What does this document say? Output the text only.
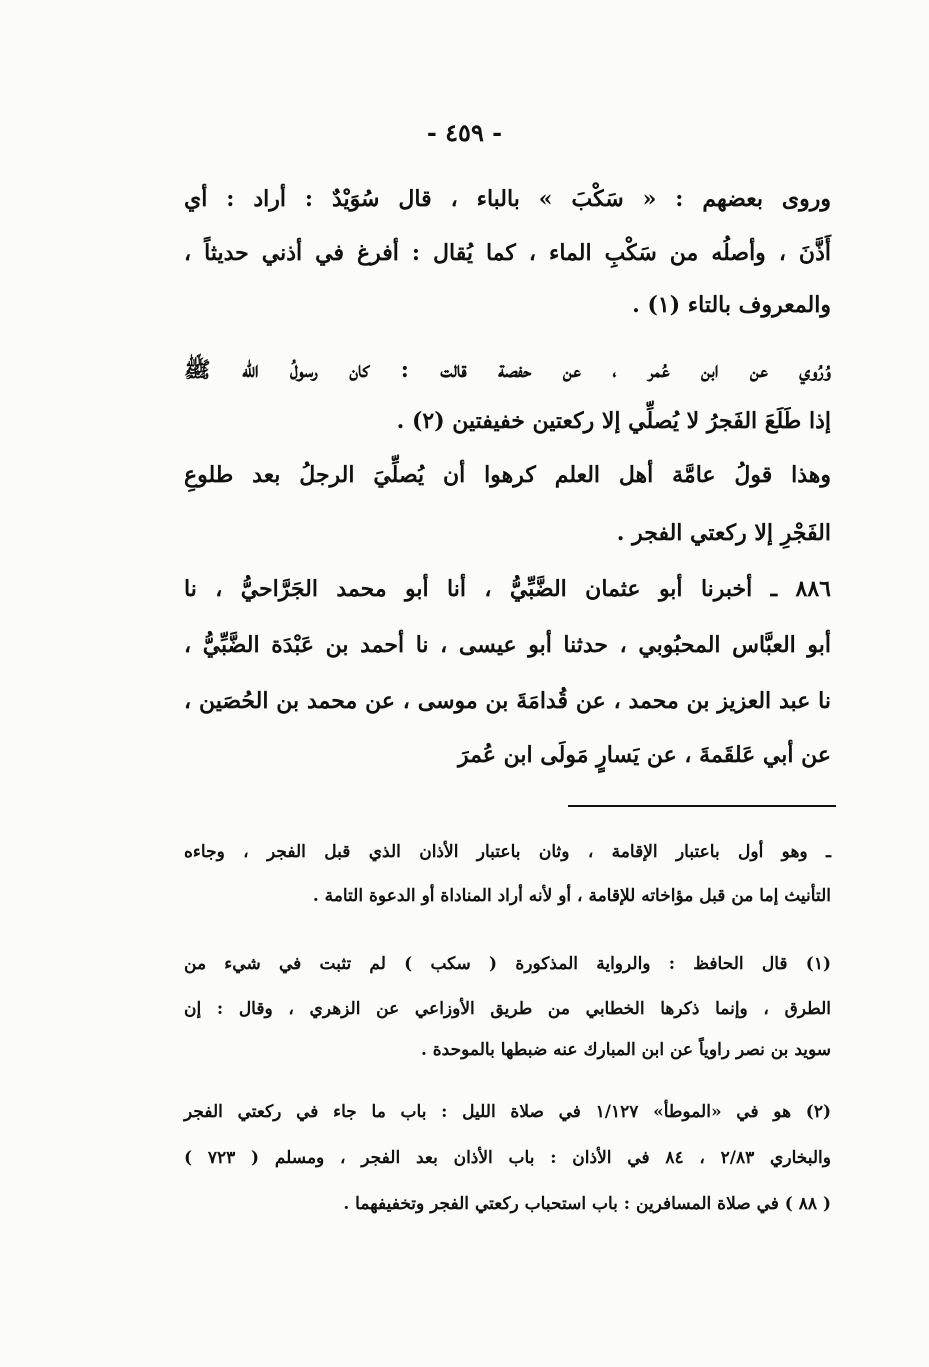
- ٤٥٩ -
وروى بعضهم : « سَكْبَ » بالباء ، قال سُوَيْدٌ : أراد : أي
أَذَّنَ ، وأصلُه من سَكْبِ الماء ، كما يُقال : أفرغ في أذني حديثاً ،
والمعروف بالتاء (١) .
وُرُوي عن ابن عُمر ، عن حفصة قالت : كان رسولُ الله ﷺ
إذا طَلَعَ الفَجرُ لا يُصلِّي إلا ركعتين خفيفتين (٢) .
وهذا قولُ عامَّة أهل العلم كرهوا أن يُصلِّيَ الرجلُ بعد طلوعِ
الفَجْرِ إلا ركعتي الفجر .
٨٨٦ ـ أخبرنا أبو عثمان الضَّبِّيُّ ، أنا أبو محمد الجَرَّاحيُّ ، نا
أبو العبَّاس المحبُوبي ، حدثنا أبو عيسى ، نا أحمد بن عَبْدَة الضَّبِّيُّ ،
نا عبد العزيز بن محمد ، عن قُدامَةَ بن موسى ، عن محمد بن الحُصَين ،
عن أبي عَلقَمةَ ، عن يَسارٍ مَولَى ابن عُمرَ
ـ وهو أول باعتبار الإقامة ، وثان باعتبار الأذان الذي قبل الفجر ، وجاءه
التأنيث إما من قبل مؤاخاته للإقامة ، أو لأنه أراد المناداة أو الدعوة التامة .
(١) قال الحافظ : والرواية المذكورة ( سكب ) لم تثبت في شيء من
الطرق ، وإنما ذكرها الخطابي من طريق الأوزاعي عن الزهري ، وقال : إن
سويد بن نصر راوياً عن ابن المبارك عنه ضبطها بالموحدة .
(٢) هو في «الموطأ» ١/١٢٧ في صلاة الليل : باب ما جاء في ركعتي الفجر
والبخاري ٢/٨٣ ، ٨٤ في الأذان : باب الأذان بعد الفجر ، ومسلم ( ٧٢٣ )
( ٨٨ ) في صلاة المسافرين : باب استحباب ركعتي الفجر وتخفيفهما .
